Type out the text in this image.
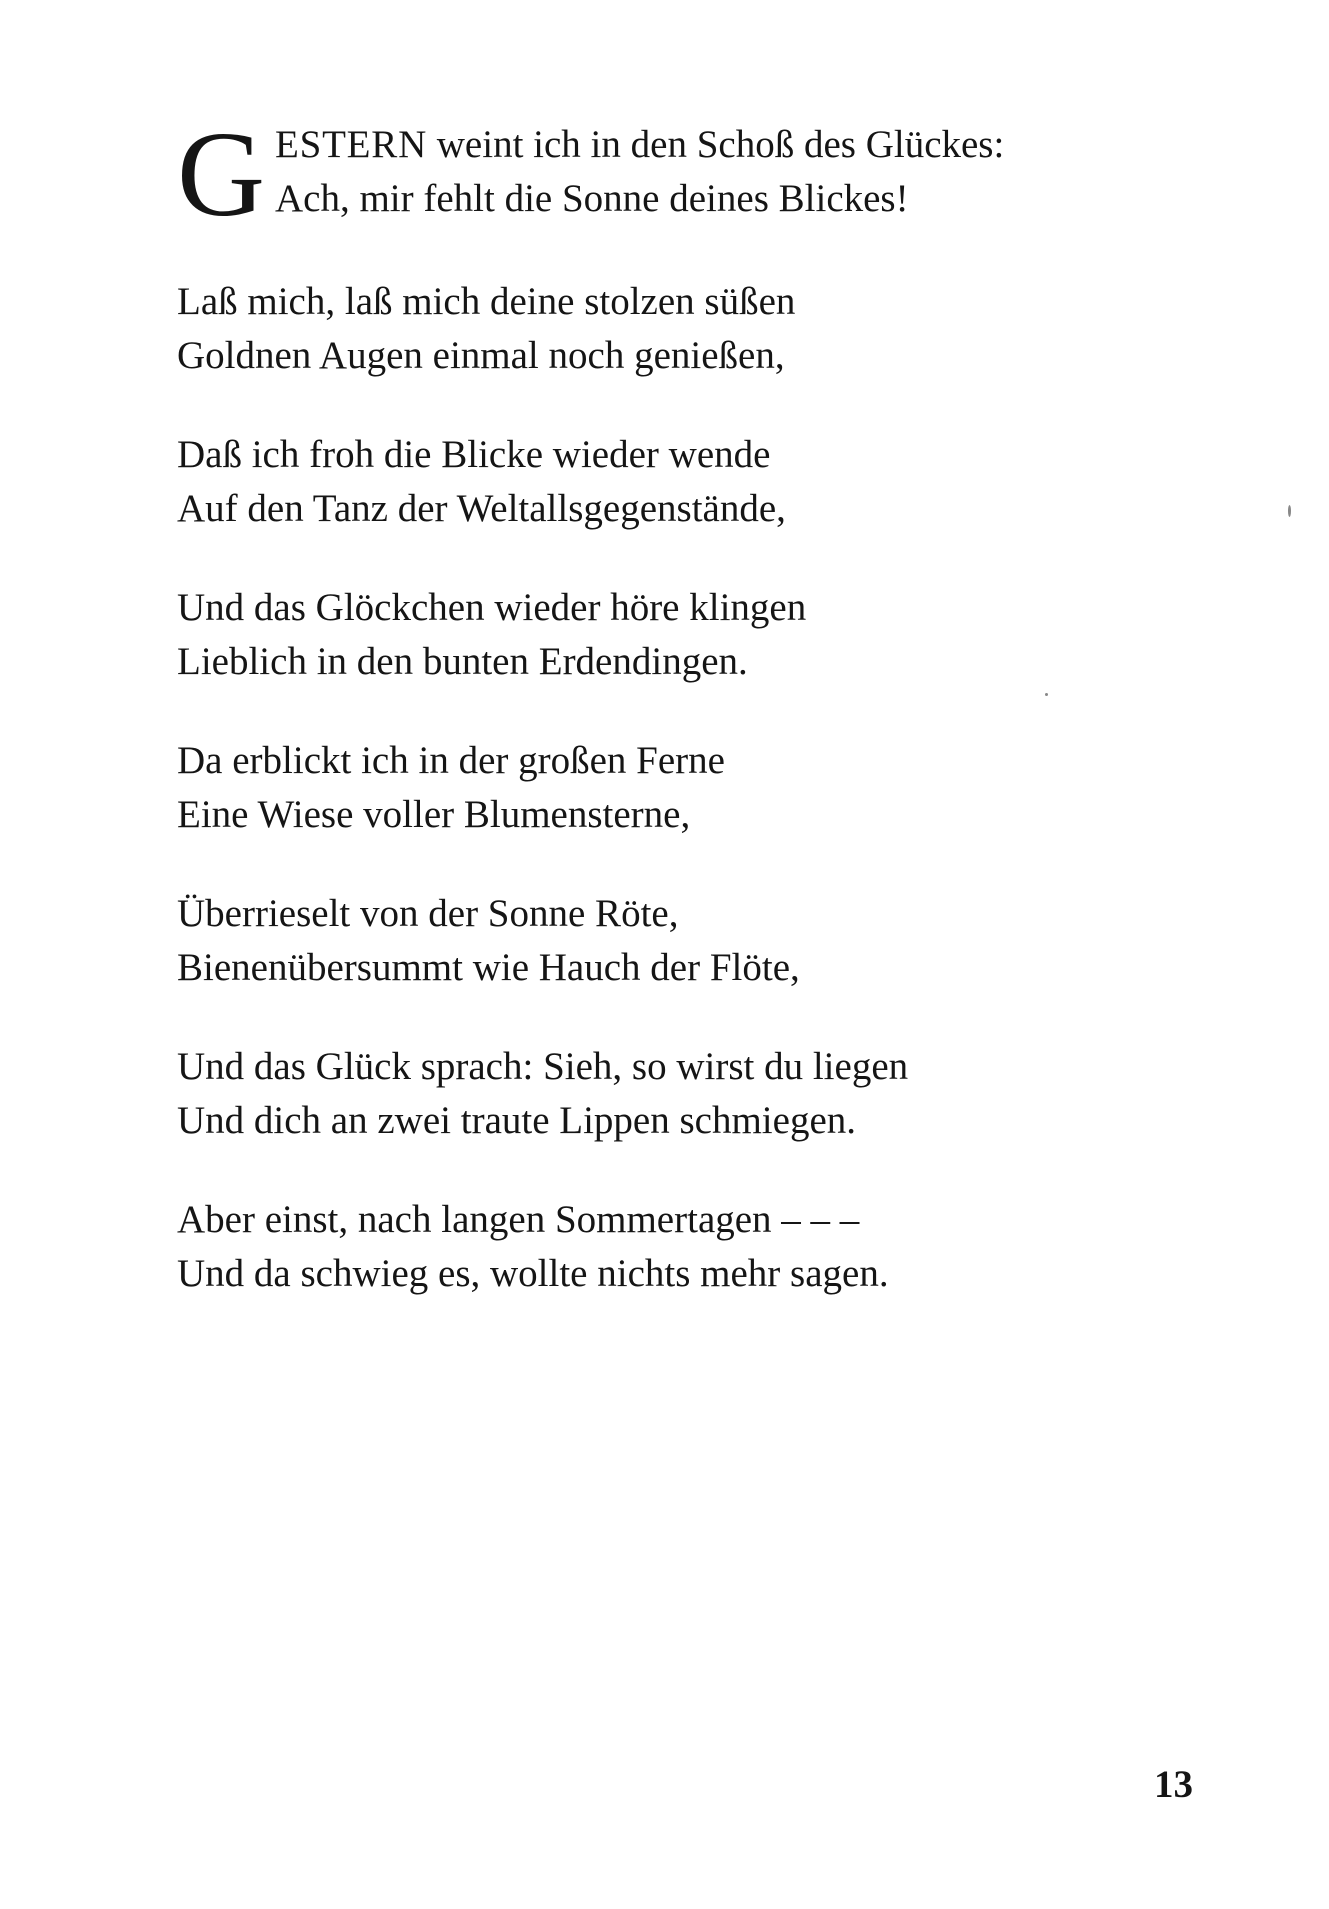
G ESTERN weint ich in den Schoß des Glückes:
Ach, mir fehlt die Sonne deines Blickes!
Laß mich, laß mich deine stolzen süßen
Goldnen Augen einmal noch genießen,
Daß ich froh die Blicke wieder wende
Auf den Tanz der Weltallsgegenstände,
Und das Glöckchen wieder höre klingen
Lieblich in den bunten Erdendingen.
Da erblickt ich in der großen Ferne
Eine Wiese voller Blumensterne,
Überrieselt von der Sonne Röte,
Bienenübersummt wie Hauch der Flöte,
Und das Glück sprach: Sieh, so wirst du liegen
Und dich an zwei traute Lippen schmiegen.
Aber einst, nach langen Sommertagen – – –
Und da schwieg es, wollte nichts mehr sagen.
13
